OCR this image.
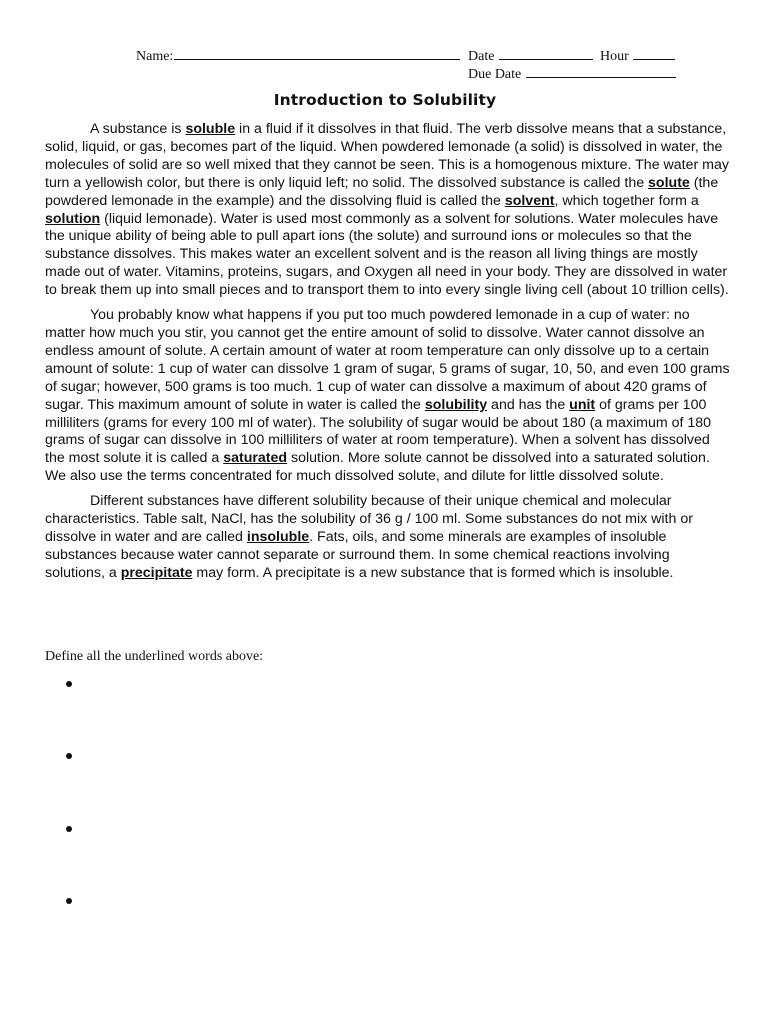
Name:	Date	Hour
Due Date
Introduction to Solubility

A substance is soluble in a fluid if it dissolves in that fluid. The verb dissolve means that a substance, solid, liquid, or gas, becomes part of the liquid. When powdered lemonade (a solid) is dissolved in water, the molecules of solid are so well mixed that they cannot be seen. This is a homogenous mixture. The water may turn a yellowish color, but there is only liquid left; no solid. The dissolved substance is called the solute (the powdered lemonade in the example) and the dissolving fluid is called the solvent, which together form a solution (liquid lemonade). Water is used most commonly as a solvent for solutions. Water molecules have the unique ability of being able to pull apart ions (the solute) and surround ions or molecules so that the substance dissolves. This makes water an excellent solvent and is the reason all living things are mostly made out of water. Vitamins, proteins, sugars, and Oxygen all need in your body. They are dissolved in water to break them up into small pieces and to transport them to into every single living cell (about 10 trillion cells).

You probably know what happens if you put too much powdered lemonade in a cup of water: no matter how much you stir, you cannot get the entire amount of solid to dissolve. Water cannot dissolve an endless amount of solute. A certain amount of water at room temperature can only dissolve up to a certain amount of solute: 1 cup of water can dissolve 1 gram of sugar, 5 grams of sugar, 10, 50, and even 100 grams of sugar; however, 500 grams is too much. 1 cup of water can dissolve a maximum of about 420 grams of sugar. This maximum amount of solute in water is called the solubility and has the unit of grams per 100 milliliters (grams for every 100 ml of water). The solubility of sugar would be about 180 (a maximum of 180 grams of sugar can dissolve in 100 milliliters of water at room temperature). When a solvent has dissolved the most solute it is called a saturated solution. More solute cannot be dissolved into a saturated solution. We also use the terms concentrated for much dissolved solute, and dilute for little dissolved solute.

Different substances have different solubility because of their unique chemical and molecular characteristics. Table salt, NaCl, has the solubility of 36 g / 100 ml. Some substances do not mix with or dissolve in water and are called insoluble. Fats, oils, and some minerals are examples of insoluble substances because water cannot separate or surround them. In some chemical reactions involving solutions, a precipitate may form. A precipitate is a new substance that is formed which is insoluble.

Define all the underlined words above:
